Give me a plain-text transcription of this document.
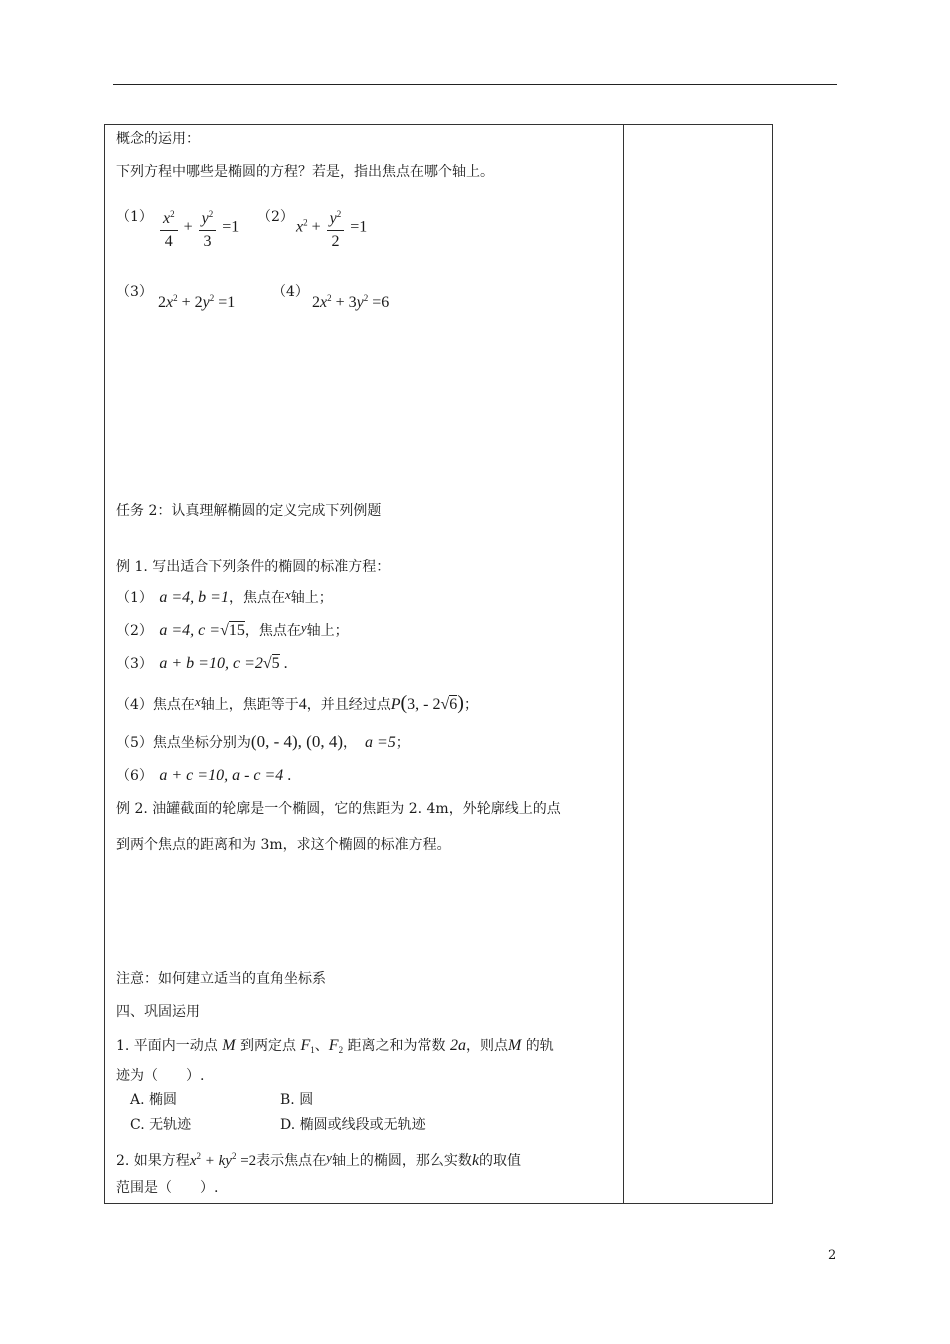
概念的运用：
下列方程中哪些是椭圆的方程？若是，指出焦点在哪个轴上。
$(1) \frac{x^2}{4} + \frac{y^2}{3} =1$
（2）
$x^2 + \frac{y^2}{2} =1$
（3）
$2x^2 + 2y^2 =1$
（4）
$2x^2 + 3y^2 =6$
任务 2：认真理解椭圆的定义完成下列例题
例 1. 写出适合下列条件的椭圆的标准方程：
（1） a =4, b =1，焦点在x轴上；
（2） a =4, c =√15，焦点在y轴上；
（3） a + b =10, c =2√5 .
（4）焦点在x轴上，焦距等于4，并且经过点P(3, - 2√6)；
（5）焦点坐标分别为(0, - 4), (0, 4)， a =5；
（6） a + c =10, a - c =4 .
例 2. 油罐截面的轮廓是一个椭圆，它的焦距为 2. 4m，外轮廓线上的点
到两个焦点的距离和为 3m，求这个椭圆的标准方程。
注意：如何建立适当的直角坐标系
四、巩固运用
1. 平面内一动点 M 到两定点 $F_1$、$F_2$ 距离之和为常数 2a，则点M 的轨
迹为（　　）.
A. 椭圆	B. 圆
C. 无轨迹	D. 椭圆或线段或无轨迹
2. 如果方程$x^2 + ky^2 =2$表示焦点在y轴上的椭圆，那么实数k的取值
范围是（　　）.
2
